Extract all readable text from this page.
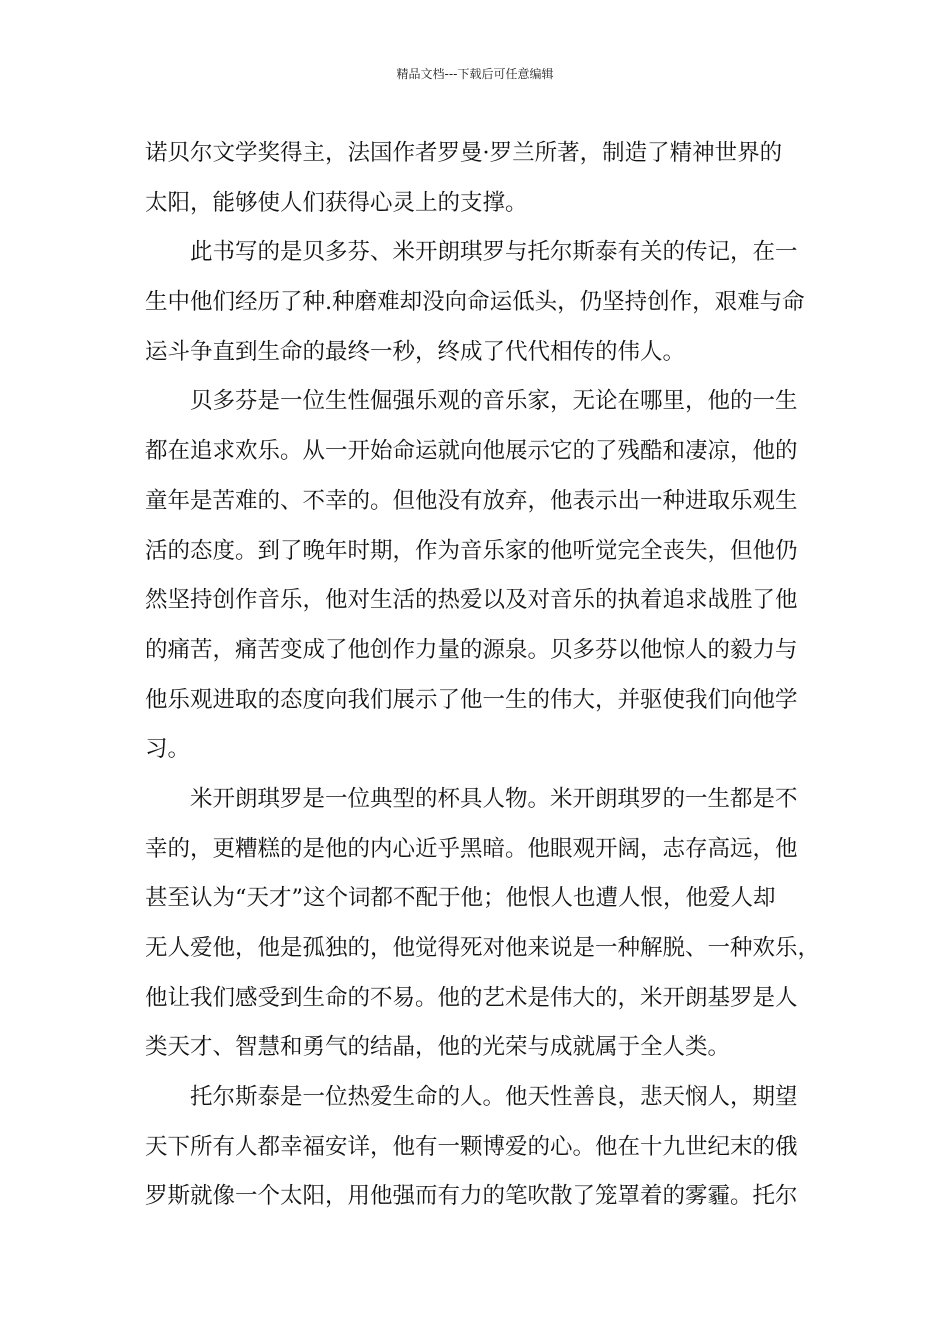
精品文档---下载后可任意编辑
诺贝尔文学奖得主，法国作者罗曼·罗兰所著，制造了精神世界的
太阳，能够使人们获得心灵上的支撑。
此书写的是贝多芬、米开朗琪罗与托尔斯泰有关的传记，在一
生中他们经历了种.种磨难却没向命运低头，仍坚持创作，艰难与命
运斗争直到生命的最终一秒，终成了代代相传的伟人。
贝多芬是一位生性倔强乐观的音乐家，无论在哪里，他的一生
都在追求欢乐。从一开始命运就向他展示它的了残酷和凄凉，他的
童年是苦难的、不幸的。但他没有放弃，他表示出一种进取乐观生
活的态度。到了晚年时期，作为音乐家的他听觉完全丧失，但他仍
然坚持创作音乐，他对生活的热爱以及对音乐的执着追求战胜了他
的痛苦，痛苦变成了他创作力量的源泉。贝多芬以他惊人的毅力与
他乐观进取的态度向我们展示了他一生的伟大，并驱使我们向他学
习。
米开朗琪罗是一位典型的杯具人物。米开朗琪罗的一生都是不
幸的，更糟糕的是他的内心近乎黑暗。他眼观开阔，志存高远，他
甚至认为“天才”这个词都不配于他；他恨人也遭人恨，他爱人却
无人爱他，他是孤独的，他觉得死对他来说是一种解脱、一种欢乐，
他让我们感受到生命的不易。他的艺术是伟大的，米开朗基罗是人
类天才、智慧和勇气的结晶，他的光荣与成就属于全人类。
托尔斯泰是一位热爱生命的人。他天性善良，悲天悯人，期望
天下所有人都幸福安详，他有一颗博爱的心。他在十九世纪末的俄
罗斯就像一个太阳，用他强而有力的笔吹散了笼罩着的雾霾。托尔
